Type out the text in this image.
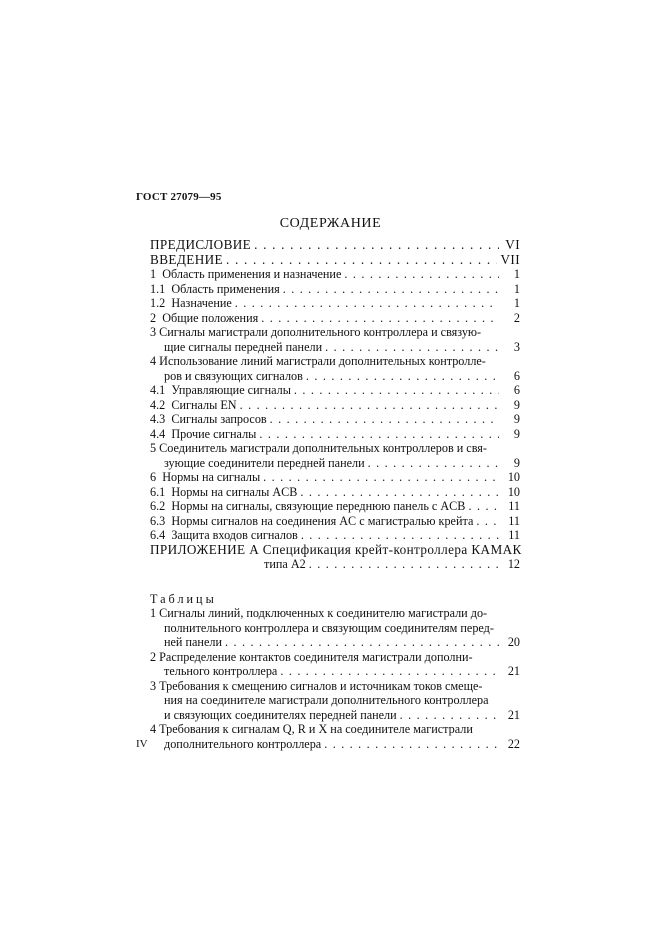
ГОСТ 27079—95
СОДЕРЖАНИЕ
ПРЕДИСЛОВИЕ . . .	VI
ВВЕДЕНИЕ . . .	VII
1 Область применения и назначение . . .	1
1.1 Область применения . . .	1
1.2 Назначение . . .	1
2 Общие положения . . .	2
3 Сигналы магистрали дополнительного контроллера и связую-
щие сигналы передней панели . . .	3
4 Использование линий магистрали дополнительных контролле-
ров и связующих сигналов . . .	6
4.1 Управляющие сигналы . . .	6
4.2 Сигналы EN . . .	9
4.3 Сигналы запросов . . .	9
4.4 Прочие сигналы . . .	9
5 Соединитель магистрали дополнительных контроллеров и свя-
зующие соединители передней панели . . .	9
6 Нормы на сигналы . . .	10
6.1 Нормы на сигналы ACB . . .	10
6.2 Нормы на сигналы, связующие переднюю панель с ACB . . .	11
6.3 Нормы сигналов на соединения AC с магистралью крейта . . .	11
6.4 Защита входов сигналов . . .	11
ПРИЛОЖЕНИЕ А Спецификация крейт-контроллера КАМАК
типа А2 . . .	12
Таблицы
1 Сигналы линий, подключенных к соединителю магистрали до-
полнительного контроллера и связующим соединителям перед-
ней панели . . .	20
2 Распределение контактов соединителя магистрали дополни-
тельного контроллера . . .	21
3 Требования к смещению сигналов и источникам токов смеще-
ния на соединителе магистрали дополнительного контроллера
и связующих соединителях передней панели . . .	21
4 Требования к сигналам Q, R и X на соединителе магистрали
дополнительного контроллера . . .	22
IV
